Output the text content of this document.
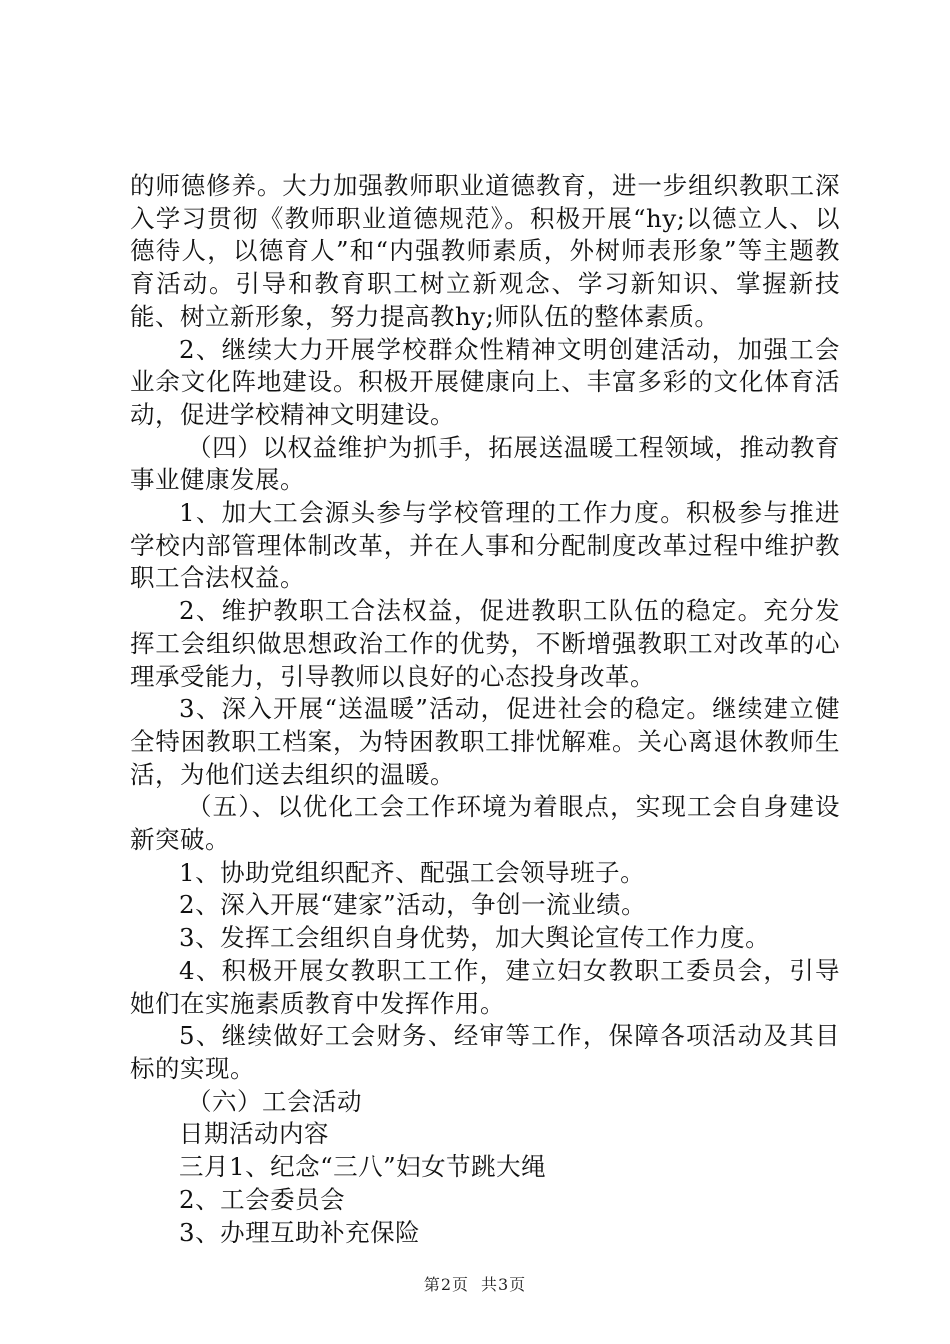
的师德修养。大力加强教师职业道德教育，进一步组织教职工深入学习贯彻《教师职业道德规范》。积极开展“hy;以德立人、以德待人，以德育人”和“内强教师素质，外树师表形象”等主题教育活动。引导和教育职工树立新观念、学习新知识、掌握新技能、树立新形象，努力提高教hy;师队伍的整体素质。

2、继续大力开展学校群众性精神文明创建活动，加强工会业余文化阵地建设。积极开展健康向上、丰富多彩的文化体育活动，促进学校精神文明建设。

（四）以权益维护为抓手，拓展送温暖工程领域，推动教育事业健康发展。

1、加大工会源头参与学校管理的工作力度。积极参与推进学校内部管理体制改革，并在人事和分配制度改革过程中维护教职工合法权益。

2、维护教职工合法权益，促进教职工队伍的稳定。充分发挥工会组织做思想政治工作的优势，不断增强教职工对改革的心理承受能力，引导教师以良好的心态投身改革。

3、深入开展“送温暖”活动，促进社会的稳定。继续建立健全特困教职工档案，为特困教职工排忧解难。关心离退休教师生活，为他们送去组织的温暖。

（五）、以优化工会工作环境为着眼点，实现工会自身建设新突破。

1、协助党组织配齐、配强工会领导班子。

2、深入开展“建家”活动，争创一流业绩。

3、发挥工会组织自身优势，加大舆论宣传工作力度。

4、积极开展女教职工工作，建立妇女教职工委员会，引导她们在实施素质教育中发挥作用。

5、继续做好工会财务、经审等工作，保障各项活动及其目标的实现。

（六）工会活动

日期活动内容

三月1、纪念“三八”妇女节跳大绳

2、工会委员会

3、办理互助补充保险

第2页 共3页
